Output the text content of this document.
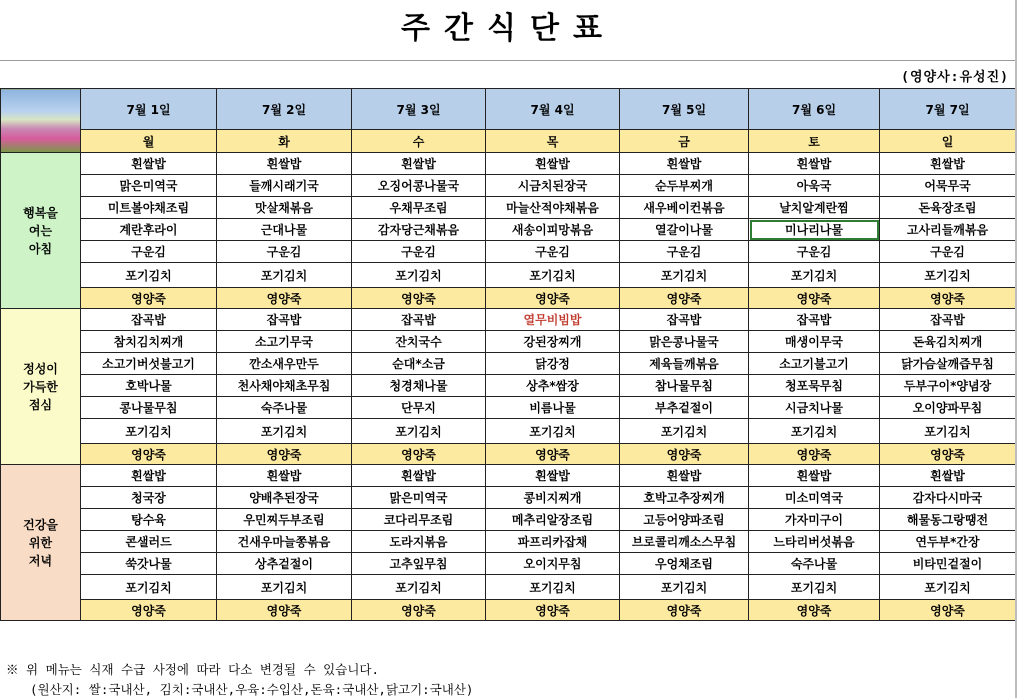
주간식단표
(영양사:유성진)
	7월 1일	7월 2일	7월 3일	7월 4일	7월 5일	7월 6일	7월 7일
	월	화	수	목	금	토	일

행복을
여는
아침	흰쌀밥	흰쌀밥	흰쌀밥	흰쌀밥	흰쌀밥	흰쌀밥	흰쌀밥
	맑은미역국	들깨시래기국	오징어콩나물국	시금치된장국	순두부찌개	아욱국	어묵무국
	미트볼야채조림	맛살채볶음	우채무조림	마늘산적야채볶음	새우베이컨볶음	날치알계란찜	돈육장조림
	계란후라이	근대나물	감자당근채볶음	새송이피망볶음	열갈이나물	미나리나물	고사리들깨볶음
	구운김	구운김	구운김	구운김	구운김	구운김	구운김
	포기김치	포기김치	포기김치	포기김치	포기김치	포기김치	포기김치
	영양죽	영양죽	영양죽	영양죽	영양죽	영양죽	영양죽

정성이
가득한
점심	잡곡밥	잡곡밥	잡곡밥	열무비빔밥	잡곡밥	잡곡밥	잡곡밥
	참치김치찌개	소고기무국	잔치국수	강된장찌개	맑은콩나물국	매생이무국	돈육김치찌개
	소고기버섯불고기	깐소새우만두	순대*소금	닭강정	제육들깨볶음	소고기불고기	닭가슴살깨즙무침
	호박나물	천사채야채초무침	청경채나물	상추*쌈장	참나물무침	청포묵무침	두부구이*양념장
	콩나물무침	숙주나물	단무지	비름나물	부추겉절이	시금치나물	오이양파무침
	포기김치	포기김치	포기김치	포기김치	포기김치	포기김치	포기김치
	영양죽	영양죽	영양죽	영양죽	영양죽	영양죽	영양죽

건강을
위한
저녁	흰쌀밥	흰쌀밥	흰쌀밥	흰쌀밥	흰쌀밥	흰쌀밥	흰쌀밥
	청국장	양배추된장국	맑은미역국	콩비지찌개	호박고추장찌개	미소미역국	감자다시마국
	탕수육	우민찌두부조림	코다리무조림	메추리알장조림	고등어양파조림	가자미구이	해물동그랑땡전
	콘샐러드	건새우마늘쫑볶음	도라지볶음	파프리카잡채	브로콜리깨소스무침	느타리버섯볶음	연두부*간장
	쑥갓나물	상추겉절이	고추잎무침	오이지무침	우엉채조림	숙주나물	비타민겉절이
	포기김치	포기김치	포기김치	포기김치	포기김치	포기김치	포기김치
	영양죽	영양죽	영양죽	영양죽	영양죽	영양죽	영양죽
※ 위 메뉴는 식재 수급 사정에 따라 다소 변경될 수 있습니다.
(원산지: 쌀:국내산, 김치:국내산,우육:수입산,돈육:국내산,닭고기:국내산)
